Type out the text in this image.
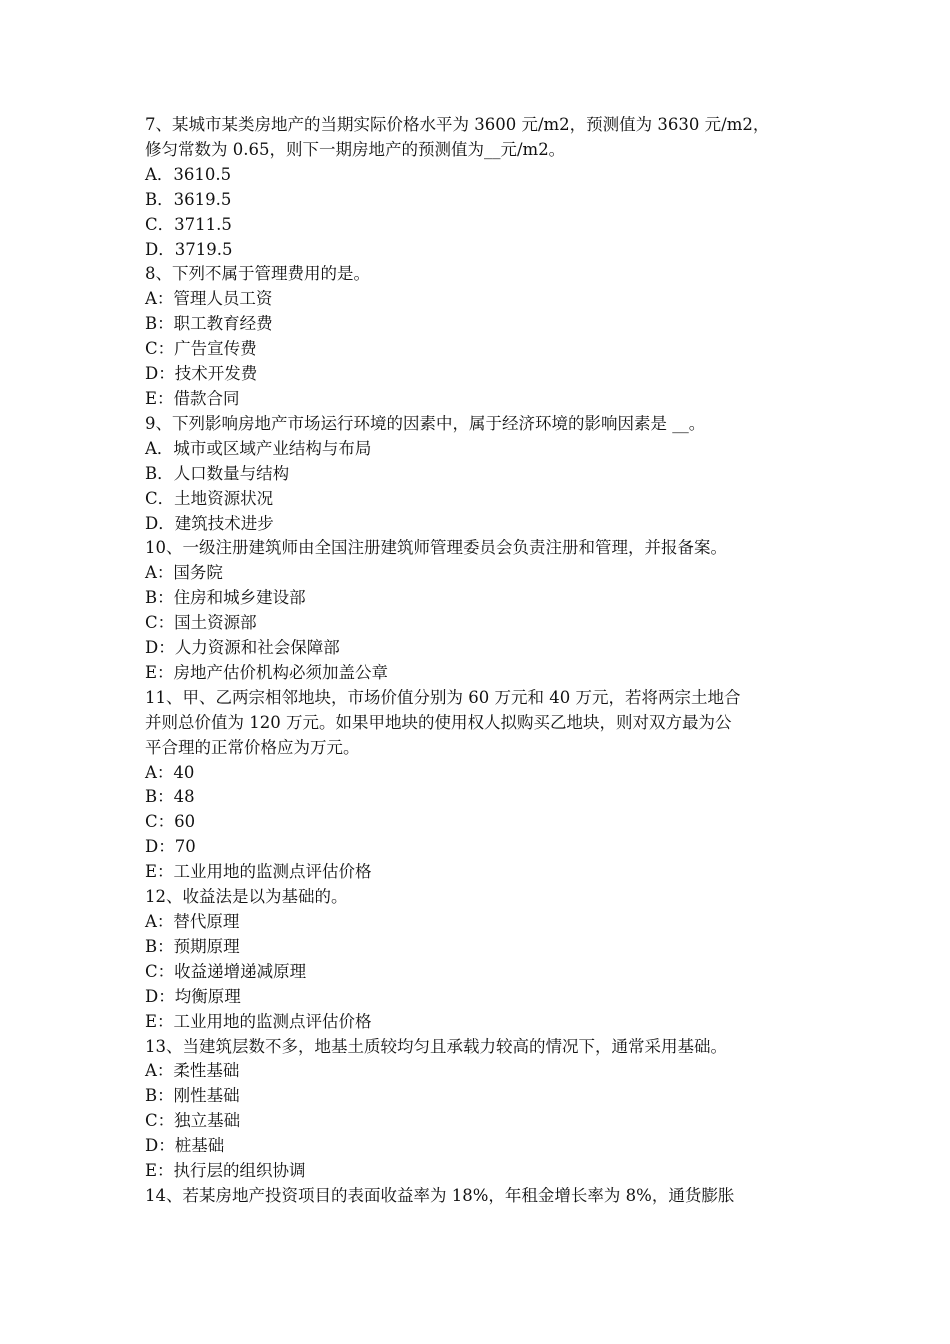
7、某城市某类房地产的当期实际价格水平为 3600 元/m2，预测值为 3630 元/m2，
修匀常数为 0.65，则下一期房地产的预测值为__元/m2。
A．3610.5
B．3619.5
C．3711.5
D．3719.5
8、下列不属于管理费用的是。
A：管理人员工资
B：职工教育经费
C：广告宣传费
D：技术开发费
E：借款合同
9、下列影响房地产市场运行环境的因素中，属于经济环境的影响因素是 __。
A．城市或区域产业结构与布局
B．人口数量与结构
C．土地资源状况
D．建筑技术进步
10、一级注册建筑师由全国注册建筑师管理委员会负责注册和管理，并报备案。
A：国务院
B：住房和城乡建设部
C：国土资源部
D：人力资源和社会保障部
E：房地产估价机构必须加盖公章
11、甲、乙两宗相邻地块，市场价值分别为 60 万元和 40 万元，若将两宗土地合
并则总价值为 120 万元。如果甲地块的使用权人拟购买乙地块，则对双方最为公
平合理的正常价格应为万元。
A：40
B：48
C：60
D：70
E：工业用地的监测点评估价格
12、收益法是以为基础的。
A：替代原理
B：预期原理
C：收益递增递减原理
D：均衡原理
E：工业用地的监测点评估价格
13、当建筑层数不多，地基土质较均匀且承载力较高的情况下，通常采用基础。
A：柔性基础
B：刚性基础
C：独立基础
D：桩基础
E：执行层的组织协调
14、若某房地产投资项目的表面收益率为 18%，年租金增长率为 8%，通货膨胀
